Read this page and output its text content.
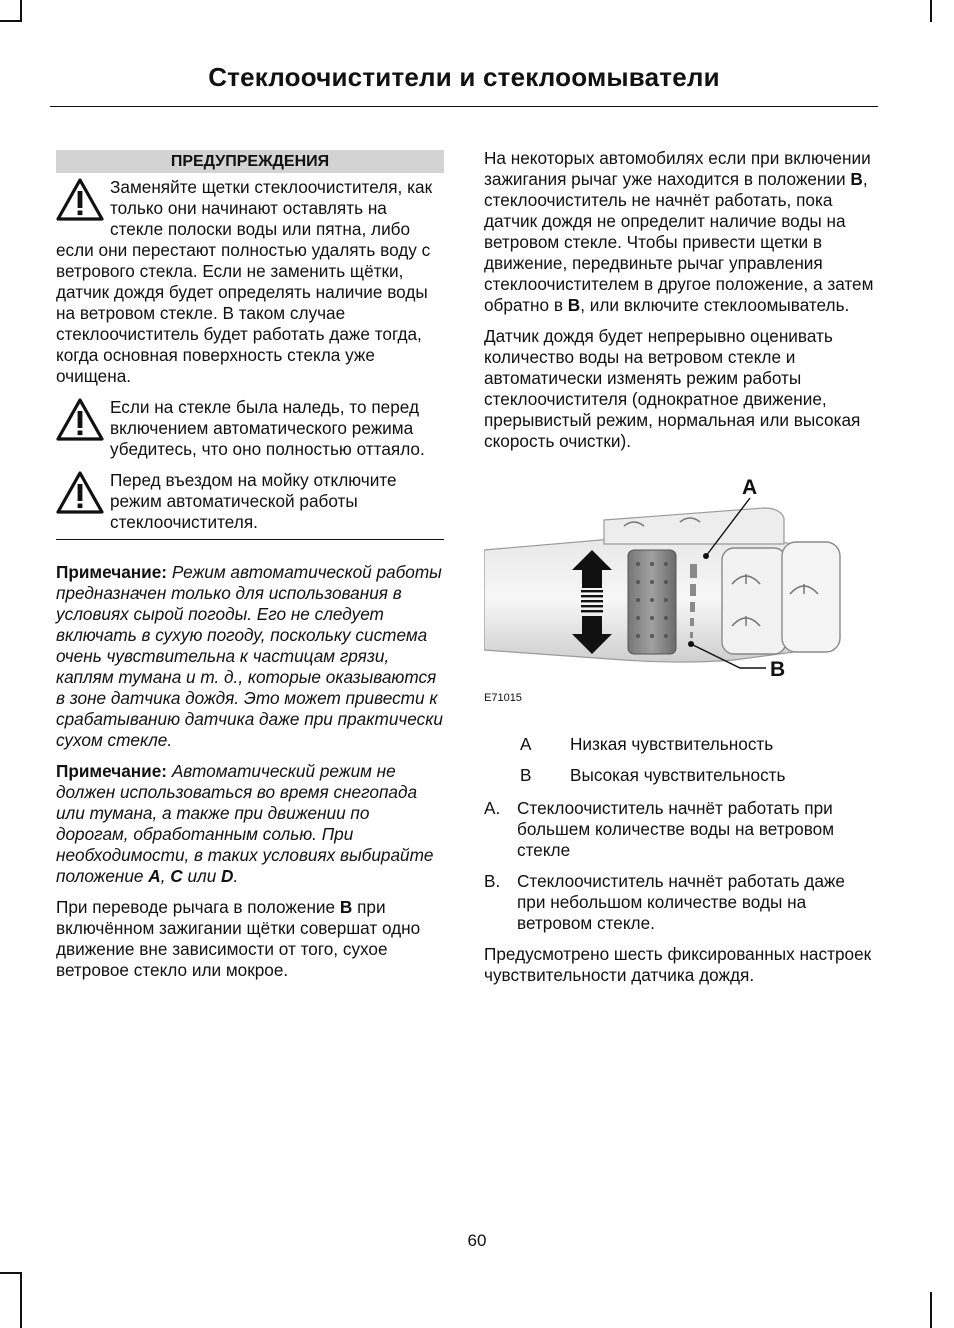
Стеклоочистители и стеклоомыватели
ПРЕДУПРЕЖДЕНИЯ
Заменяйте щетки стеклоочистителя, как только они начинают оставлять на стекле полоски воды или пятна, либо если они перестают полностью удалять воду с ветрового стекла. Если не заменить щётки, датчик дождя будет определять наличие воды на ветровом стекле. В таком случае стеклоочиститель будет работать даже тогда, когда основная поверхность стекла уже очищена.
Если на стекле была наледь, то перед включением автоматического режима убедитесь, что оно полностью оттаяло.
Перед въездом на мойку отключите режим автоматической работы стеклоочистителя.

Примечание: Режим автоматической работы предназначен только для использования в условиях сырой погоды. Его не следует включать в сухую погоду, поскольку система очень чувствительна к частицам грязи, каплям тумана и т. д., которые оказываются в зоне датчика дождя. Это может привести к срабатыванию датчика даже при практически сухом стекле.

Примечание: Автоматический режим не должен использоваться во время снегопада или тумана, а также при движении по дорогам, обработанным солью. При необходимости, в таких условиях выбирайте положение A, C или D.

При переводе рычага в положение B при включённом зажигании щётки совершат одно движение вне зависимости от того, сухое ветровое стекло или мокрое.

На некоторых автомобилях если при включении зажигания рычаг уже находится в положении B, стеклоочиститель не начнёт работать, пока датчик дождя не определит наличие воды на ветровом стекле. Чтобы привести щетки в движение, передвиньте рычаг управления стеклоочистителем в другое положение, а затем обратно в B, или включите стеклоомыватель.

Датчик дождя будет непрерывно оценивать количество воды на ветровом стекле и автоматически изменять режим работы стеклоочистителя (однократное движение, прерывистый режим, нормальная или высокая скорость очистки).

A
B
E71015
A	Низкая чувствительность
B	Высокая чувствительность
A. Стеклоочиститель начнёт работать при большем количестве воды на ветровом стекле
B. Стеклоочиститель начнёт работать даже при небольшом количестве воды на ветровом стекле.

Предусмотрено шесть фиксированных настроек чувствительности датчика дождя.

60
